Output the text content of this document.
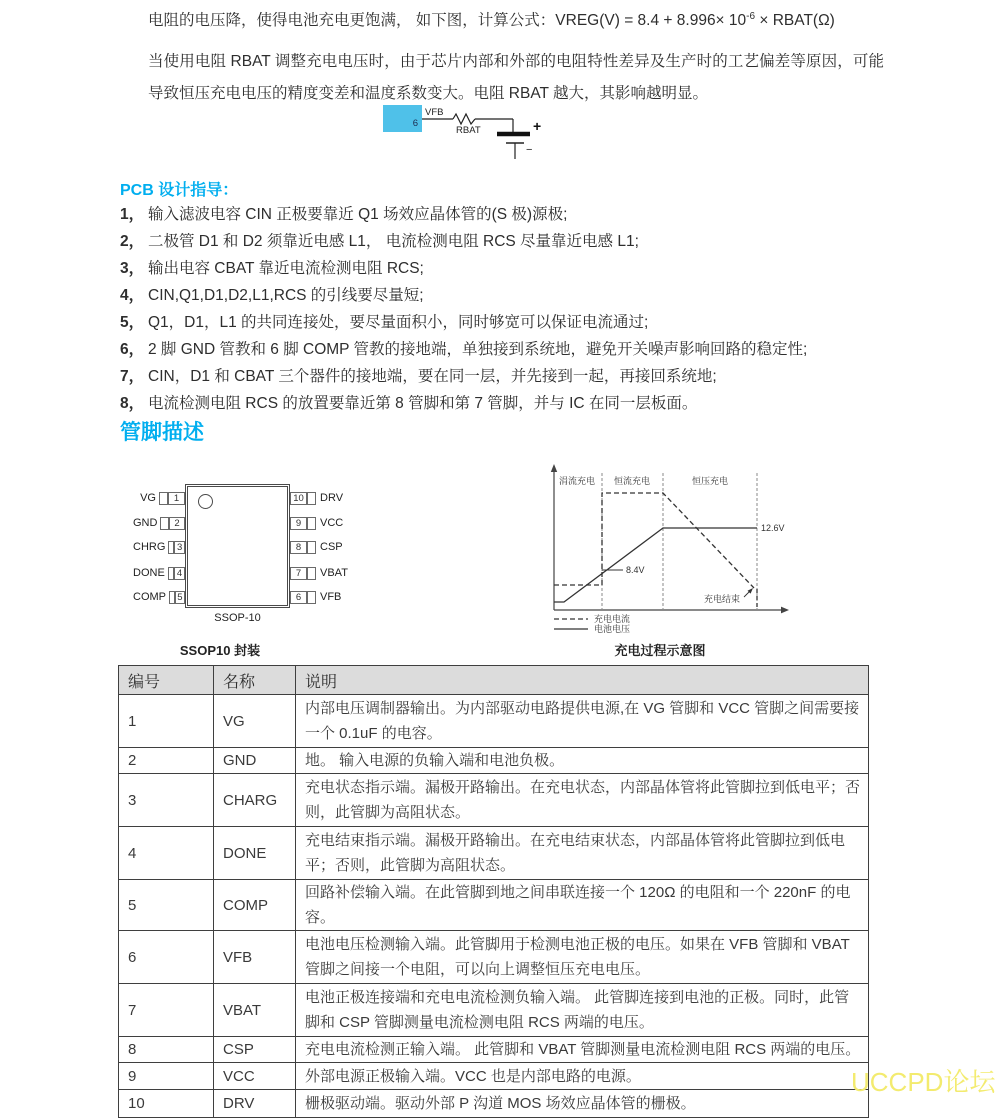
电阻的电压降，使得电池充电更饱满， 如下图，计算公式：VREG(V) = $8.4 + 8.996\times 10^{-6}$ × RBAT(Ω)
当使用电阻 RBAT 调整充电电压时，由于芯片内部和外部的电阻特性差异及生产时的工艺偏差等原因，可能导致恒压充电电压的精度变差和温度系数变大。电阻 RBAT 越大，其影响越明显。
6
VFB
RBAT	+
−
PCB 设计指导：
1， 输入滤波电容 CIN 正极要靠近 Q1 场效应晶体管的(S 极)源极;
2， 二极管 D1 和 D2 须靠近电感 L1， 电流检测电阻 RCS 尽量靠近电感 L1;
3， 输出电容 CBAT 靠近电流检测电阻 RCS;
4， CIN,Q1,D1,D2,L1,RCS 的引线要尽量短;
5， Q1，D1，L1 的共同连接处，要尽量面积小，同时够宽可以保证电流通过;
6， 2 脚 GND 管教和 6 脚 COMP 管教的接地端，单独接到系统地，避免开关噪声影响回路的稳定性;
7， CIN，D1 和 CBAT 三个器件的接地端，要在同一层，并先接到一起，再接回系统地;
8， 电流检测电阻 RCS 的放置要靠近第 8 管脚和第 7 管脚，并与 IC 在同一层板面。
管脚描述
VG	1
GND	2
CHRG 3
DONE	4
COMP 5
10 DRV
9	VCC
8	CSP
7	VBAT
6	VFB
SSOP-10
涓流充电 恒流充电	恒压充电
12.6V
8.4V
充电结束
充电电流
电池电压
SSOP10 封装	充电过程示意图
编号	名称	说明
1	VG	内部电压调制器输出。为内部驱动电路提供电源,在 VG 管脚和 VCC 管脚之间需要接一个 0.1uF 的电容。
2	GND	地。 输入电源的负输入端和电池负极。
3	CHARG	充电状态指示端。漏极开路输出。在充电状态，内部晶体管将此管脚拉到低电平；否则，此管脚为高阻状态。
4	DONE	充电结束指示端。漏极开路输出。在充电结束状态，内部晶体管将此管脚拉到低电平；否则，此管脚为高阻状态。
5	COMP	回路补偿输入端。在此管脚到地之间串联连接一个 120Ω 的电阻和一个 220nF 的电容。
6	VFB	电池电压检测输入端。此管脚用于检测电池正极的电压。如果在 VFB 管脚和 VBAT 管脚之间接一个电阻，可以向上调整恒压充电电压。
7	VBAT	电池正极连接端和充电电流检测负输入端。 此管脚连接到电池的正极。同时，此管脚和 CSP 管脚测量电流检测电阻 RCS 两端的电压。
8	CSP	充电电流检测正输入端。 此管脚和 VBAT 管脚测量电流检测电阻 RCS 两端的电压。
9	VCC	外部电源正极输入端。VCC 也是内部电路的电源。
10	DRV	栅极驱动端。驱动外部 P 沟道 MOS 场效应晶体管的栅极。
UCCPD论坛
